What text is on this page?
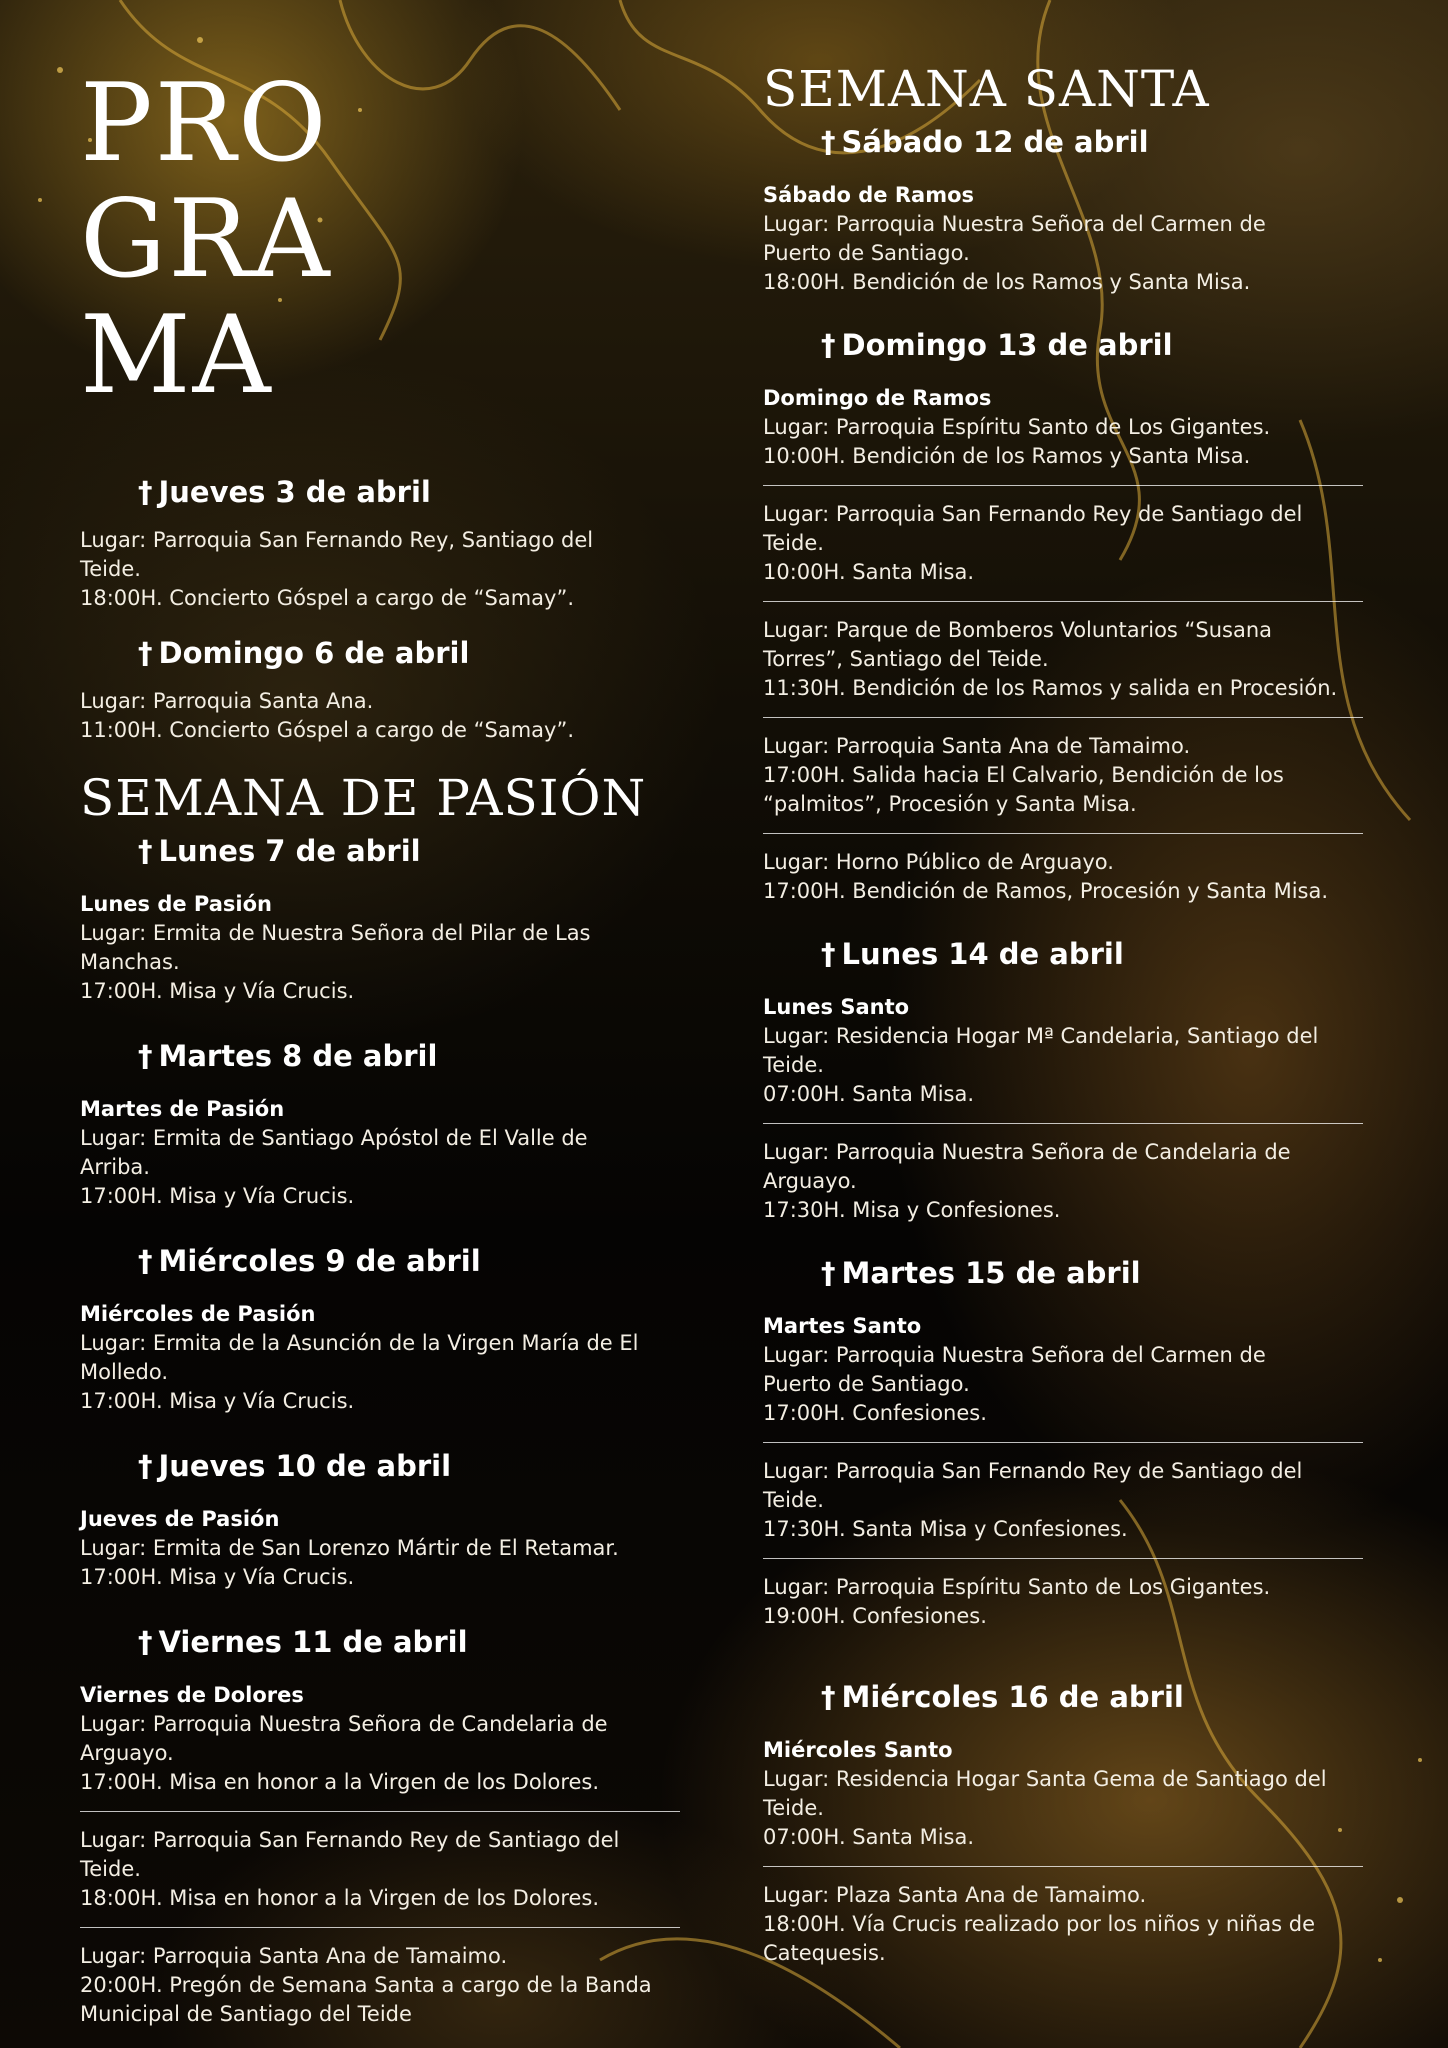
PRO
GRA
MA
† Jueves 3 de abril
Lugar: Parroquia San Fernando Rey, Santiago del
Teide.
18:00H. Concierto Góspel a cargo de “Samay”.
† Domingo 6 de abril
Lugar: Parroquia Santa Ana.
11:00H. Concierto Góspel a cargo de “Samay”.
SEMANA DE PASIÓN
† Lunes 7 de abril
Lunes de Pasión
Lugar: Ermita de Nuestra Señora del Pilar de Las
Manchas.
17:00H. Misa y Vía Crucis.
† Martes 8 de abril
Martes de Pasión
Lugar: Ermita de Santiago Apóstol de El Valle de
Arriba.
17:00H. Misa y Vía Crucis.
† Miércoles 9 de abril
Miércoles de Pasión
Lugar: Ermita de la Asunción de la Virgen María de El
Molledo.
17:00H. Misa y Vía Crucis.
† Jueves 10 de abril
Jueves de Pasión
Lugar: Ermita de San Lorenzo Mártir de El Retamar.
17:00H. Misa y Vía Crucis.
† Viernes 11 de abril
Viernes de Dolores
Lugar: Parroquia Nuestra Señora de Candelaria de
Arguayo.
17:00H. Misa en honor a la Virgen de los Dolores.
Lugar: Parroquia San Fernando Rey de Santiago del
Teide.
18:00H. Misa en honor a la Virgen de los Dolores.
Lugar: Parroquia Santa Ana de Tamaimo.
20:00H. Pregón de Semana Santa a cargo de la Banda
Municipal de Santiago del Teide
SEMANA SANTA
† Sábado 12 de abril
Sábado de Ramos
Lugar: Parroquia Nuestra Señora del Carmen de
Puerto de Santiago.
18:00H. Bendición de los Ramos y Santa Misa.
† Domingo 13 de abril
Domingo de Ramos
Lugar: Parroquia Espíritu Santo de Los Gigantes.
10:00H. Bendición de los Ramos y Santa Misa.
Lugar: Parroquia San Fernando Rey de Santiago del
Teide.
10:00H. Santa Misa.
Lugar: Parque de Bomberos Voluntarios “Susana
Torres”, Santiago del Teide.
11:30H. Bendición de los Ramos y salida en Procesión.
Lugar: Parroquia Santa Ana de Tamaimo.
17:00H. Salida hacia El Calvario, Bendición de los
“palmitos”, Procesión y Santa Misa.
Lugar: Horno Público de Arguayo.
17:00H. Bendición de Ramos, Procesión y Santa Misa.
† Lunes 14 de abril
Lunes Santo
Lugar: Residencia Hogar Mª Candelaria, Santiago del
Teide.
07:00H. Santa Misa.
Lugar: Parroquia Nuestra Señora de Candelaria de
Arguayo.
17:30H. Misa y Confesiones.
† Martes 15 de abril
Martes Santo
Lugar: Parroquia Nuestra Señora del Carmen de
Puerto de Santiago.
17:00H. Confesiones.
Lugar: Parroquia San Fernando Rey de Santiago del
Teide.
17:30H. Santa Misa y Confesiones.
Lugar: Parroquia Espíritu Santo de Los Gigantes.
19:00H. Confesiones.
† Miércoles 16 de abril
Miércoles Santo
Lugar: Residencia Hogar Santa Gema de Santiago del
Teide.
07:00H. Santa Misa.
Lugar: Plaza Santa Ana de Tamaimo.
18:00H. Vía Crucis realizado por los niños y niñas de
Catequesis.
